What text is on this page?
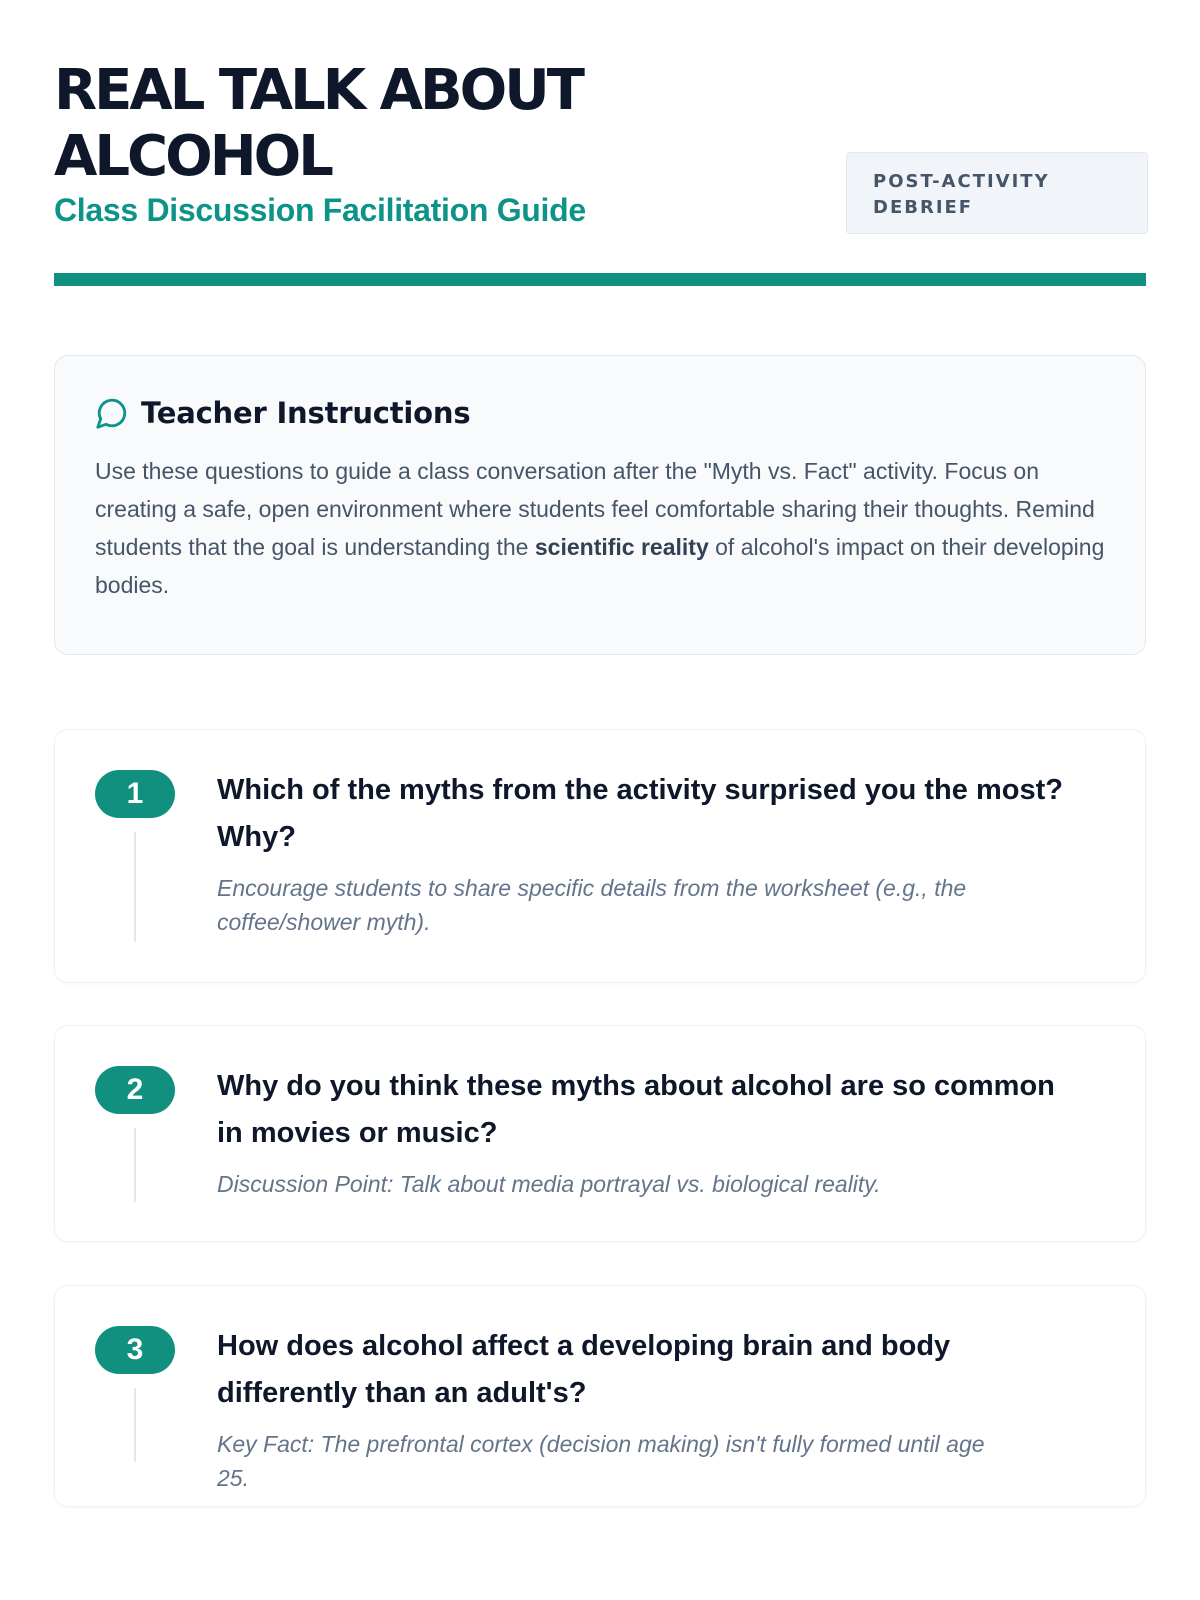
REAL TALK ABOUT ALCOHOL
Class Discussion Facilitation Guide
POST-ACTIVITY DEBRIEF
Teacher Instructions

Use these questions to guide a class conversation after the "Myth vs. Fact" activity. Focus on creating a safe, open environment where students feel comfortable sharing their thoughts. Remind students that the goal is understanding the scientific reality of alcohol's impact on their developing bodies.

1	Which of the myths from the activity surprised you the most? Why?
Encourage students to share specific details from the worksheet (e.g., the coffee/shower myth).
2	Why do you think these myths about alcohol are so common in movies or music?
Discussion Point: Talk about media portrayal vs. biological reality.
3	How does alcohol affect a developing brain and body differently than an adult's?
Key Fact: The prefrontal cortex (decision making) isn't fully formed until age 25.
